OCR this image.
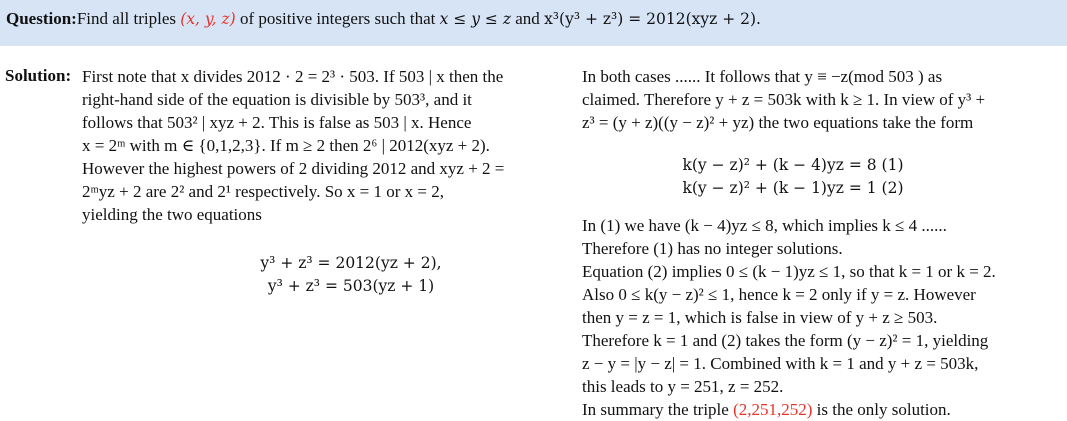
Question:Find all triples (x, y, z) of positive integers such that x ≤ y ≤ z and x³(y³ + z³) = 2012(xyz + 2).
Solution: First note that x divides 2012 · 2 = 2³ · 503. If 503 | x then the
right-hand side of the equation is divisible by 503³, and it
follows that 503² | xyz + 2. This is false as 503 | x. Hence
x = 2ᵐ with m ∈ {0,1,2,3}. If m ≥ 2 then 2⁶ | 2012(xyz + 2).
However the highest powers of 2 dividing 2012 and xyz + 2 =
2ᵐyz + 2 are 2² and 2¹ respectively. So x = 1 or x = 2,
yielding the two equations
y³ + z³ = 2012(yz + 2),
y³ + z³ = 503(yz + 1)
In both cases ...... It follows that y ≡ −z(mod 503 ) as
claimed. Therefore y + z = 503k with k ≥ 1. In view of y³ +
z³ = (y + z)((y − z)² + yz) the two equations take the form
k(y − z)² + (k − 4)yz = 8 (1)
k(y − z)² + (k − 1)yz = 1 (2)
In (1) we have (k − 4)yz ≤ 8, which implies k ≤ 4 ......
Therefore (1) has no integer solutions.
Equation (2) implies 0 ≤ (k − 1)yz ≤ 1, so that k = 1 or k = 2.
Also 0 ≤ k(y − z)² ≤ 1, hence k = 2 only if y = z. However
then y = z = 1, which is false in view of y + z ≥ 503.
Therefore k = 1 and (2) takes the form (y − z)² = 1, yielding
z − y = |y − z| = 1. Combined with k = 1 and y + z = 503k,
this leads to y = 251, z = 252.
In summary the triple (2,251,252) is the only solution.
